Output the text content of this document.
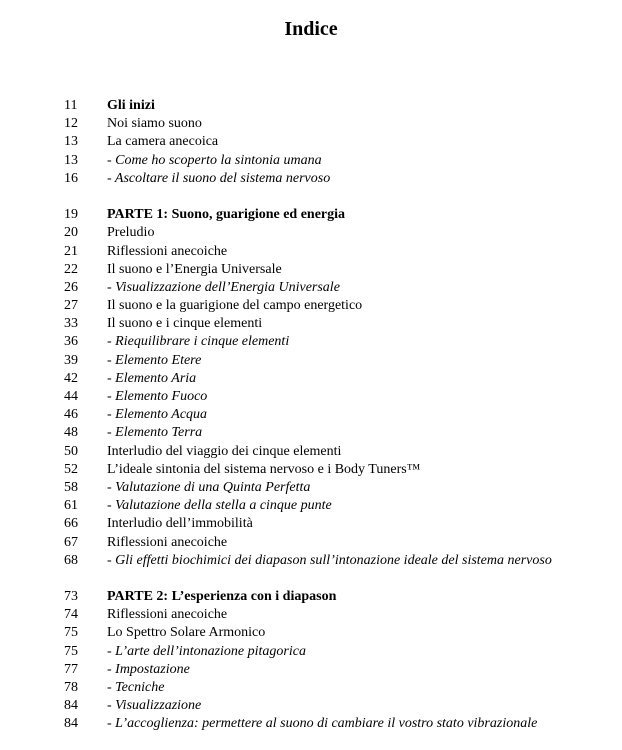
Indice
11	Gli inizi
12	Noi siamo suono
13	La camera anecoica
13	- Come ho scoperto la sintonia umana
16	- Ascoltare il suono del sistema nervoso
19	PARTE 1: Suono, guarigione ed energia
20	Preludio
21	Riflessioni anecoiche
22	Il suono e l’Energia Universale
26	- Visualizzazione dell’Energia Universale
27	Il suono e la guarigione del campo energetico
33	Il suono e i cinque elementi
36	- Riequilibrare i cinque elementi
39	- Elemento Etere
42	- Elemento Aria
44	- Elemento Fuoco
46	- Elemento Acqua
48	- Elemento Terra
50	Interludio del viaggio dei cinque elementi
52	L’ideale sintonia del sistema nervoso e i Body Tuners™
58	- Valutazione di una Quinta Perfetta
61	- Valutazione della stella a cinque punte
66	Interludio dell’immobilità
67	Riflessioni anecoiche
68	- Gli effetti biochimici dei diapason sull’intonazione ideale del sistema nervoso
73	PARTE 2: L’esperienza con i diapason
74	Riflessioni anecoiche
75	Lo Spettro Solare Armonico
75	- L’arte dell’intonazione pitagorica
77	- Impostazione
78	- Tecniche
84	- Visualizzazione
84	- L’accoglienza: permettere al suono di cambiare il vostro stato vibrazionale
